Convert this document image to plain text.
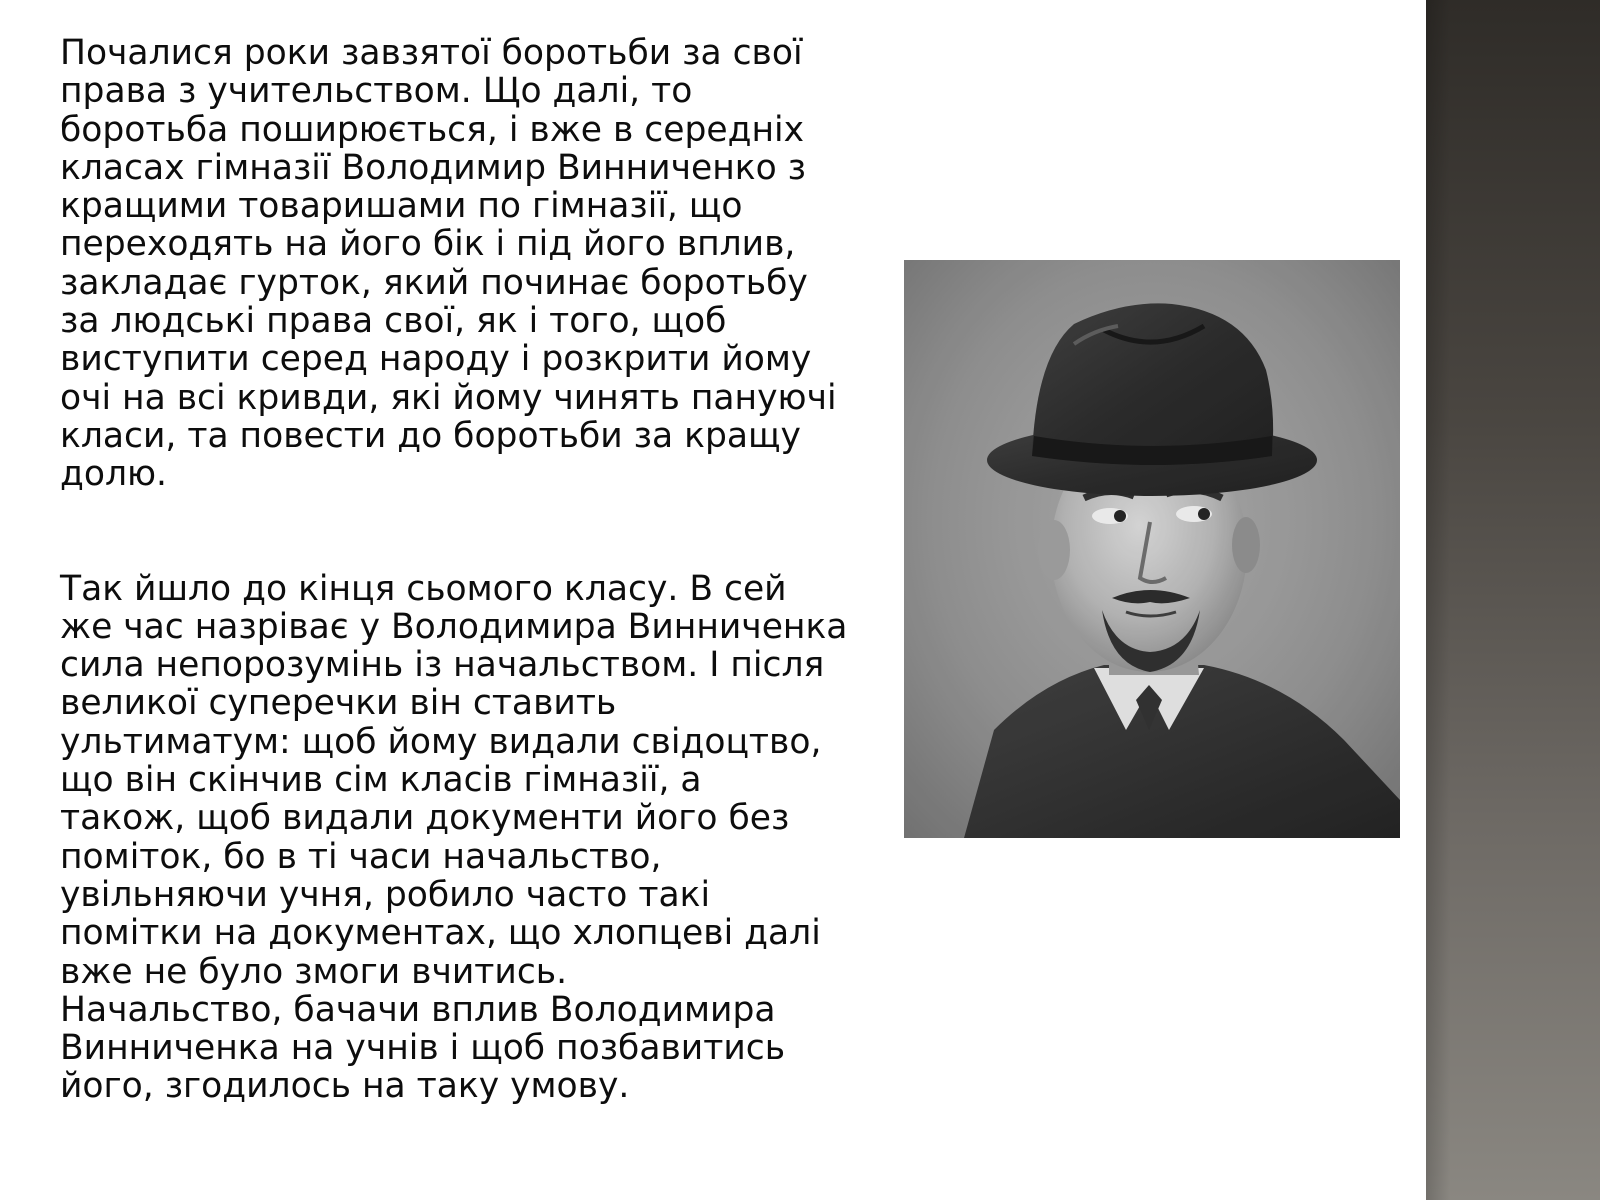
Почалися роки завзятої боротьби за свої
права з учительством. Що далі, то
боротьба поширюється, і вже в середніх
класах гімназії Володимир Винниченко з
кращими товаришами по гімназії, що
переходять на його бік і під його вплив,
закладає гурток, який починає боротьбу
за людські права свої, як і того, щоб
виступити серед народу і розкрити йому
очі на всі кривди, які йому чинять пануючі
класи, та повести до боротьби за кращу
долю.

Так йшло до кінця сьомого класу. В сей
же час назріває у Володимира Винниченка
сила непорозумінь із начальством. І після
великої суперечки він ставить
ультиматум: щоб йому видали свідоцтво,
що він скінчив сім класів гімназії, а
також, щоб видали документи його без
поміток, бо в ті часи начальство,
увільняючи учня, робило часто такі
помітки на документах, що хлопцеві далі
вже не було змоги вчитись.
Начальство, бачачи вплив Володимира
Винниченка на учнів і щоб позбавитись
його, згодилось на таку умову.
